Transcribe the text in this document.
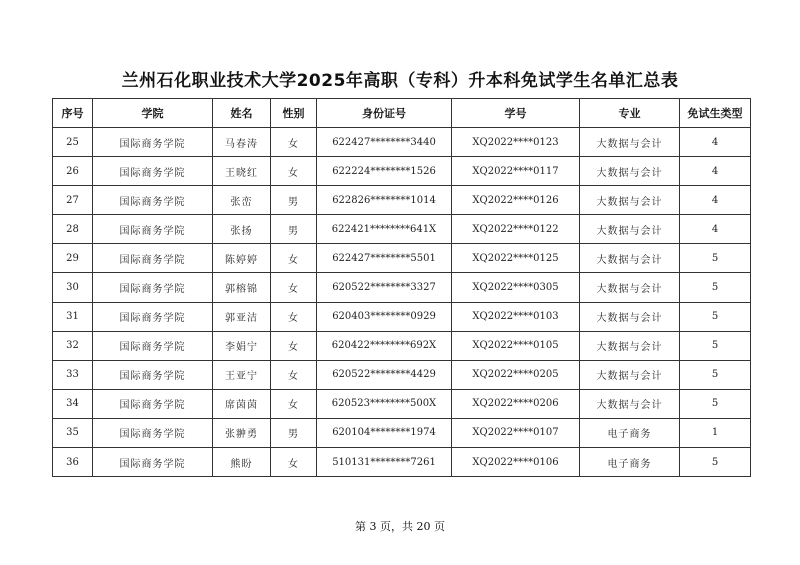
兰州石化职业技术大学2025年高职（专科）升本科免试学生名单汇总表
序号	学院	姓名	性别	身份证号	学号	专业	免试生类型
25	国际商务学院	马春涛	女	622427********3440	XQ2022****0123	大数据与会计	4
26	国际商务学院	王晓红	女	622224********1526	XQ2022****0117	大数据与会计	4
27	国际商务学院	张峦	男	622826********1014	XQ2022****0126	大数据与会计	4
28	国际商务学院	张扬	男	622421********641X	XQ2022****0122	大数据与会计	4
29	国际商务学院	陈婷婷	女	622427********5501	XQ2022****0125	大数据与会计	5
30	国际商务学院	郭榕锦	女	620522********3327	XQ2022****0305	大数据与会计	5
31	国际商务学院	郭亚洁	女	620403********0929	XQ2022****0103	大数据与会计	5
32	国际商务学院	李娟宁	女	620422********692X	XQ2022****0105	大数据与会计	5
33	国际商务学院	王亚宁	女	620522********4429	XQ2022****0205	大数据与会计	5
34	国际商务学院	席茵茵	女	620523********500X	XQ2022****0206	大数据与会计	5
35	国际商务学院	张翀勇	男	620104********1974	XQ2022****0107	电子商务	1
36	国际商务学院	熊盼	女	510131********7261	XQ2022****0106	电子商务	5
第 3 页，共 20 页
